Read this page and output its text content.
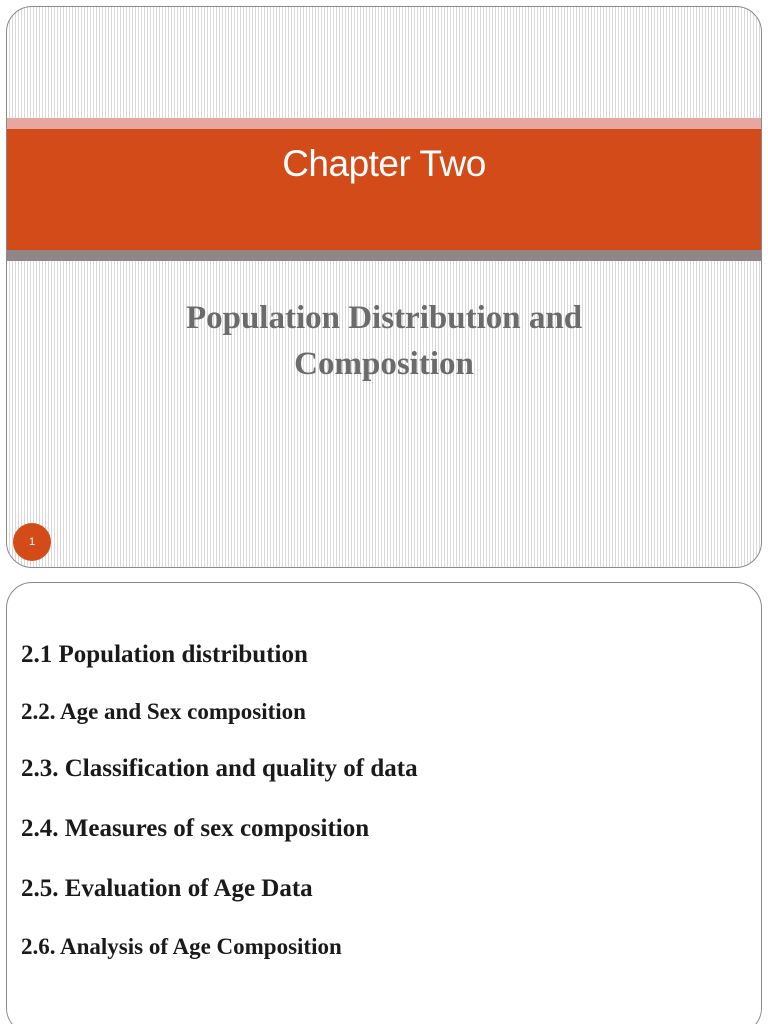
Chapter Two
Population Distribution and Composition
1
2.1 Population distribution
2.2. Age and Sex composition
2.3. Classification and quality of data
2.4. Measures of sex composition
2.5. Evaluation of Age Data
2.6. Analysis of Age Composition
